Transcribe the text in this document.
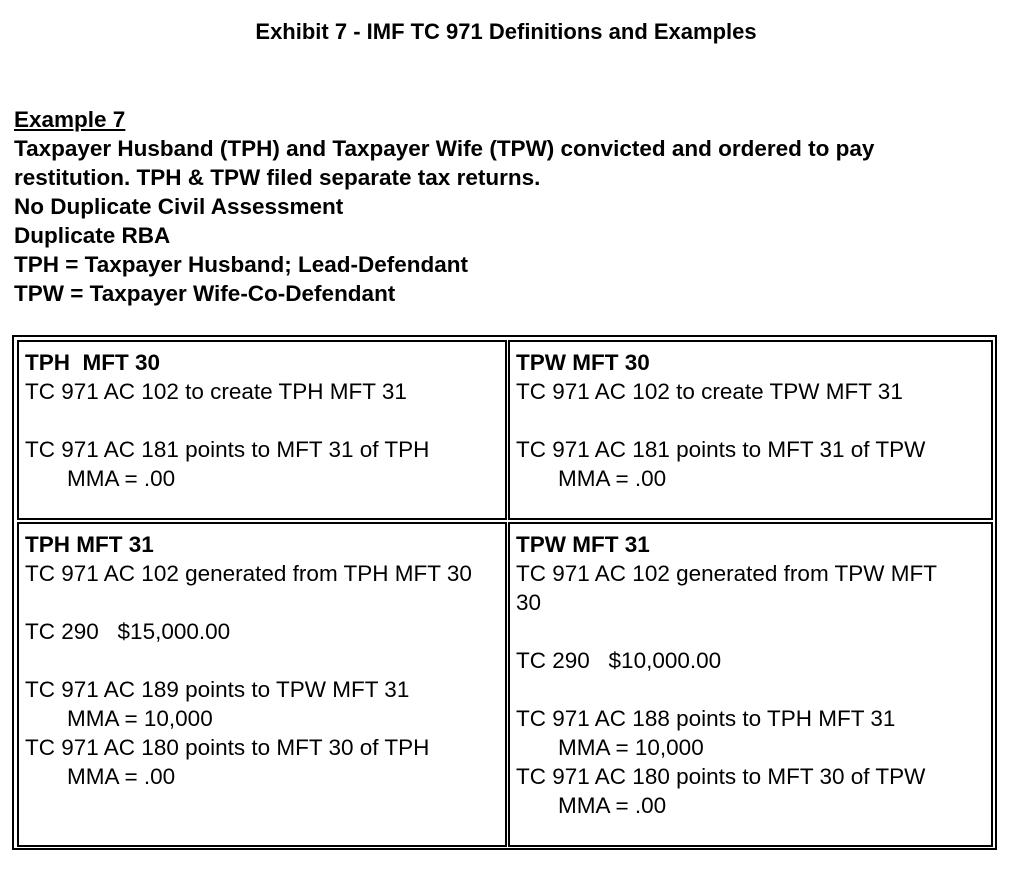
Exhibit 7 - IMF TC 971 Definitions and Examples
Example 7
Taxpayer Husband (TPH) and Taxpayer Wife (TPW) convicted and ordered to pay
restitution. TPH & TPW filed separate tax returns.
No Duplicate Civil Assessment
Duplicate RBA
TPH = Taxpayer Husband; Lead-Defendant
TPW = Taxpayer Wife-Co-Defendant
TPH  MFT 30
TC 971 AC 102 to create TPH MFT 31
TC 971 AC 181 points to MFT 31 of TPH
MMA = .00
TPW MFT 30
TC 971 AC 102 to create TPW MFT 31
TC 971 AC 181 points to MFT 31 of TPW
MMA = .00
TPH MFT 31
TC 971 AC 102 generated from TPH MFT 30
TC 290   $15,000.00
TC 971 AC 189 points to TPW MFT 31
MMA = 10,000
TC 971 AC 180 points to MFT 30 of TPH
MMA = .00
TPW MFT 31
TC 971 AC 102 generated from TPW MFT 30
TC 290   $10,000.00
TC 971 AC 188 points to TPH MFT 31
MMA = 10,000
TC 971 AC 180 points to MFT 30 of TPW
MMA = .00
